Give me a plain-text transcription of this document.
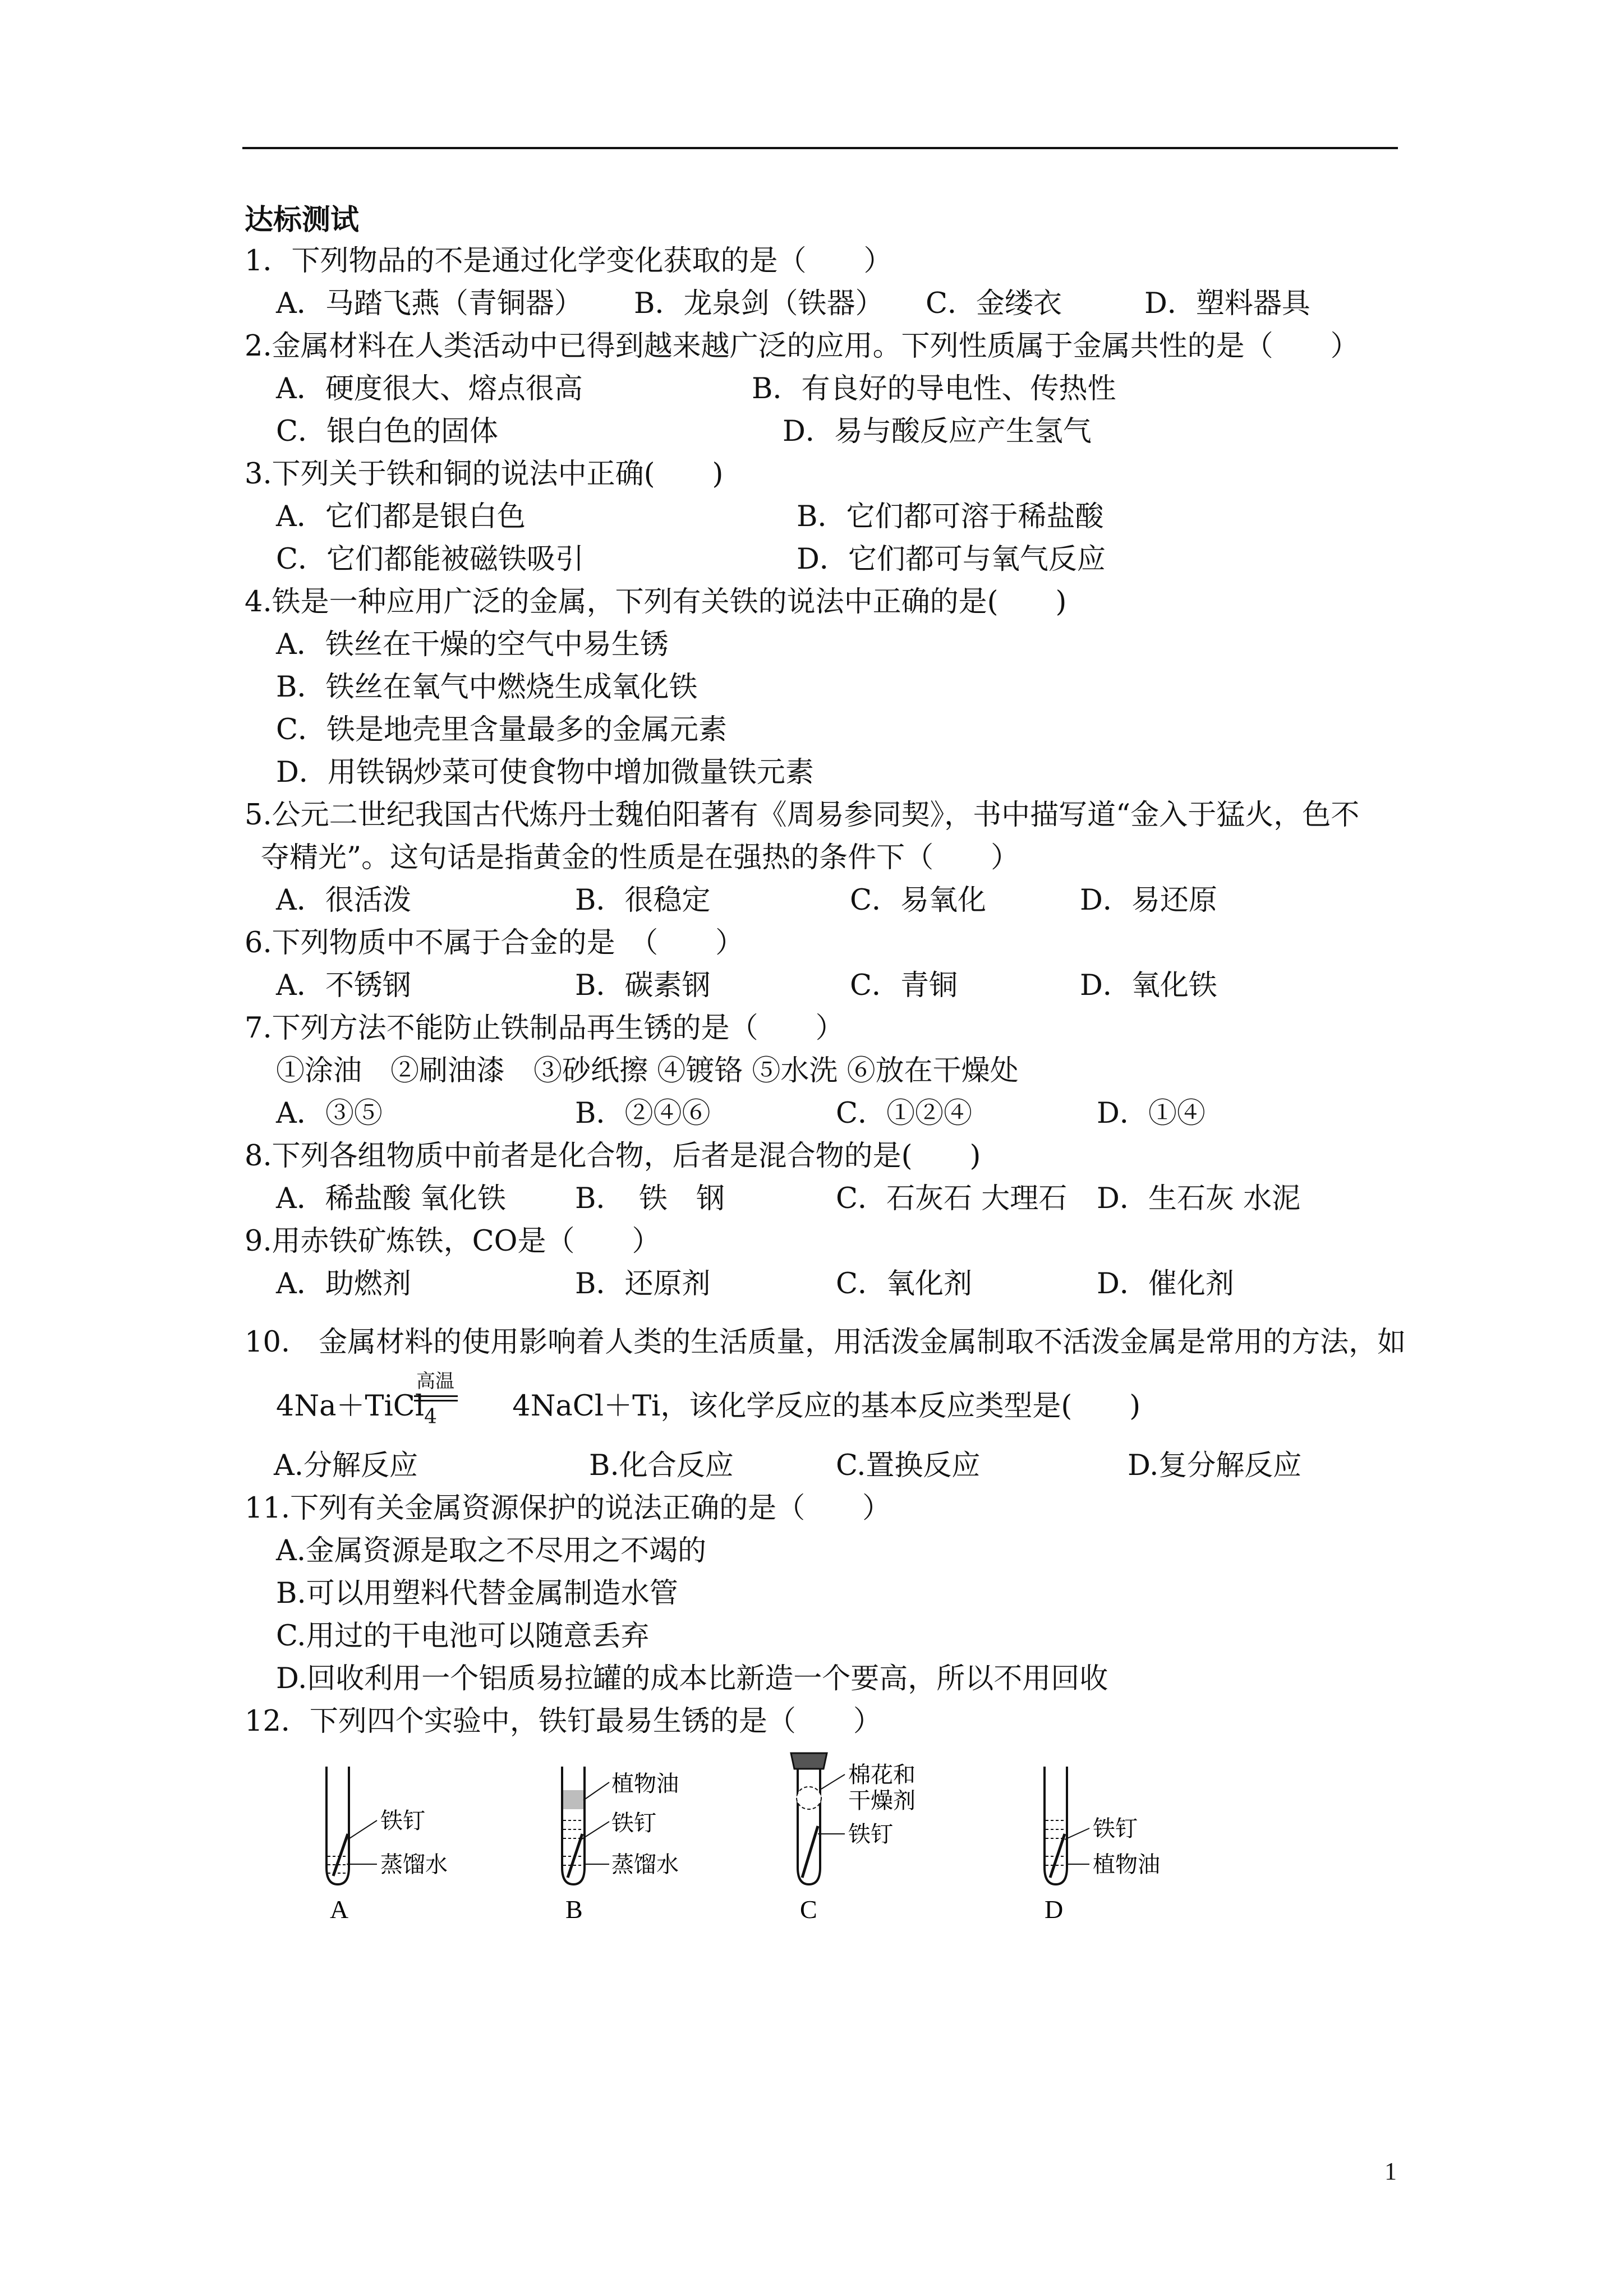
达标测试
1．下列物品的不是通过化学变化获取的是（　　）
A．马踏飞燕（青铜器） B．龙泉剑（铁器） C．金缕衣	D．塑料器具
2.金属材料在人类活动中已得到越来越广泛的应用。下列性质属于金属共性的是（　　）
A．硬度很大、熔点很高	B．有良好的导电性、传热性
C．银白色的固体	D．易与酸反应产生氢气
3.下列关于铁和铜的说法中正确(　　)
A．它们都是银白色	B．它们都可溶于稀盐酸
C．它们都能被磁铁吸引	D．它们都可与氧气反应
4.铁是一种应用广泛的金属，下列有关铁的说法中正确的是(　　)
A．铁丝在干燥的空气中易生锈
B．铁丝在氧气中燃烧生成氧化铁
C．铁是地壳里含量最多的金属元素
D．用铁锅炒菜可使食物中增加微量铁元素
5.公元二世纪我国古代炼丹士魏伯阳著有《周易参同契》，书中描写道“金入于猛火，色不
夺精光”。这句话是指黄金的性质是在强热的条件下（　　）
A．很活泼	B．很稳定	C．易氧化	D．易还原
6.下列物质中不属于合金的是　（　　）
A．不锈钢	B．碳素钢	C．青铜	D．氧化铁
7.下列方法不能防止铁制品再生锈的是（　　）
①涂油　②刷油漆　③砂纸擦 ④镀铬 ⑤水洗 ⑥放在干燥处
A．③⑤	B．②④⑥	C．①②④	D．①④
8.下列各组物质中前者是化合物，后者是混合物的是(　　)
A．稀盐酸 氧化铁 B．　铁　钢	C．石灰石 大理石 D．生石灰 水泥
9.用赤铁矿炼铁，CO是（　　）
A．助燃剂	B．还原剂	C．氧化剂	D．催化剂
10.　金属材料的使用影响着人类的生活质量，用活泼金属制取不活泼金属是常用的方法，如
4Na＋TiCl$_4$ 4NaCl＋Ti，该化学反应的基本反应类型是(　　)
高温
A.分解反应	B.化合反应	C.置换反应	D.复分解反应
11.下列有关金属资源保护的说法正确的是（　　）
A.金属资源是取之不尽用之不竭的
B.可以用塑料代替金属制造水管
C.用过的干电池可以随意丢弃
D.回收利用一个铝质易拉罐的成本比新造一个要高，所以不用回收
12．下列四个实验中，铁钉最易生锈的是（　　）
铁钉
蒸馏水
A
植物油
铁钉
蒸馏水
B
棉花和
干燥剂
铁钉
C
铁钉
植物油
D
1
